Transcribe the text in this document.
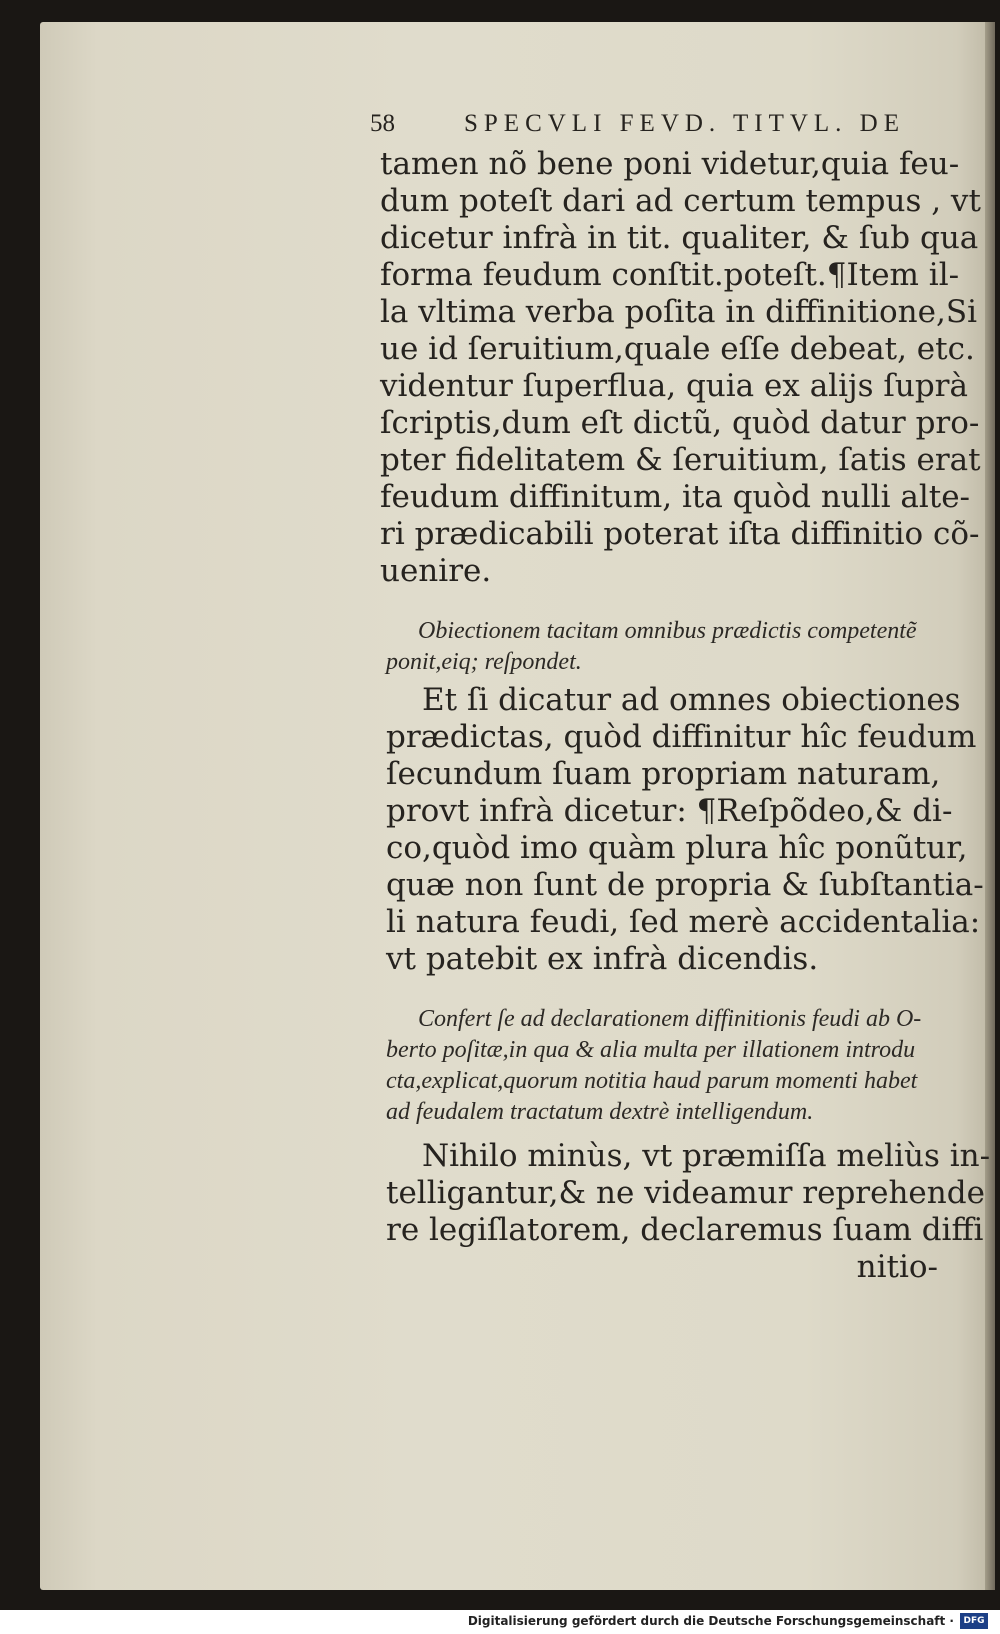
58	SPECVLI FEVD. TITVL. DE
tamen nõ bene poni videtur,quia feu-
dum poteſt dari ad certum tempus , vt
dicetur infrà in tit. qualiter, & ſub qua
forma feudum conſtit.poteſt.¶Item il-
la vltima verba poſita in diffinitione,Si
ue id ſeruitium,quale eſſe debeat, etc.
videntur ſuperflua, quia ex alijs ſuprà
ſcriptis,dum eſt dictũ, quòd datur pro-
pter fidelitatem & ſeruitium, ſatis erat
feudum diffinitum, ita quòd nulli alte-
ri prædicabili poterat iſta diffinitio cõ-
uenire.
Obiectionem tacitam omnibus prædictis competentẽ
ponit,eiq; reſpondet.
Et ſi dicatur ad omnes obiectiones
prædictas, quòd diffinitur hîc feudum
ſecundum ſuam propriam naturam,
provt infrà dicetur: ¶Reſpõdeo,& di-
co,quòd imo quàm plura hîc ponũtur,
quæ non ſunt de propria & ſubſtantia-
li natura feudi, ſed merè accidentalia:
vt patebit ex infrà dicendis.
Confert ſe ad declarationem diffinitionis feudi ab O-
berto poſitæ,in qua & alia multa per illationem introdu
cta,explicat,quorum notitia haud parum momenti habet
ad feudalem tractatum dextrè intelligendum.
Nihilo minùs, vt præmiſſa meliùs in-
telligantur,& ne videamur reprehende
re legiſlatorem, declaremus ſuam diffi
nitio-
Digitalisierung gefördert durch die Deutsche Forschungsgemeinschaft ·	DFG
